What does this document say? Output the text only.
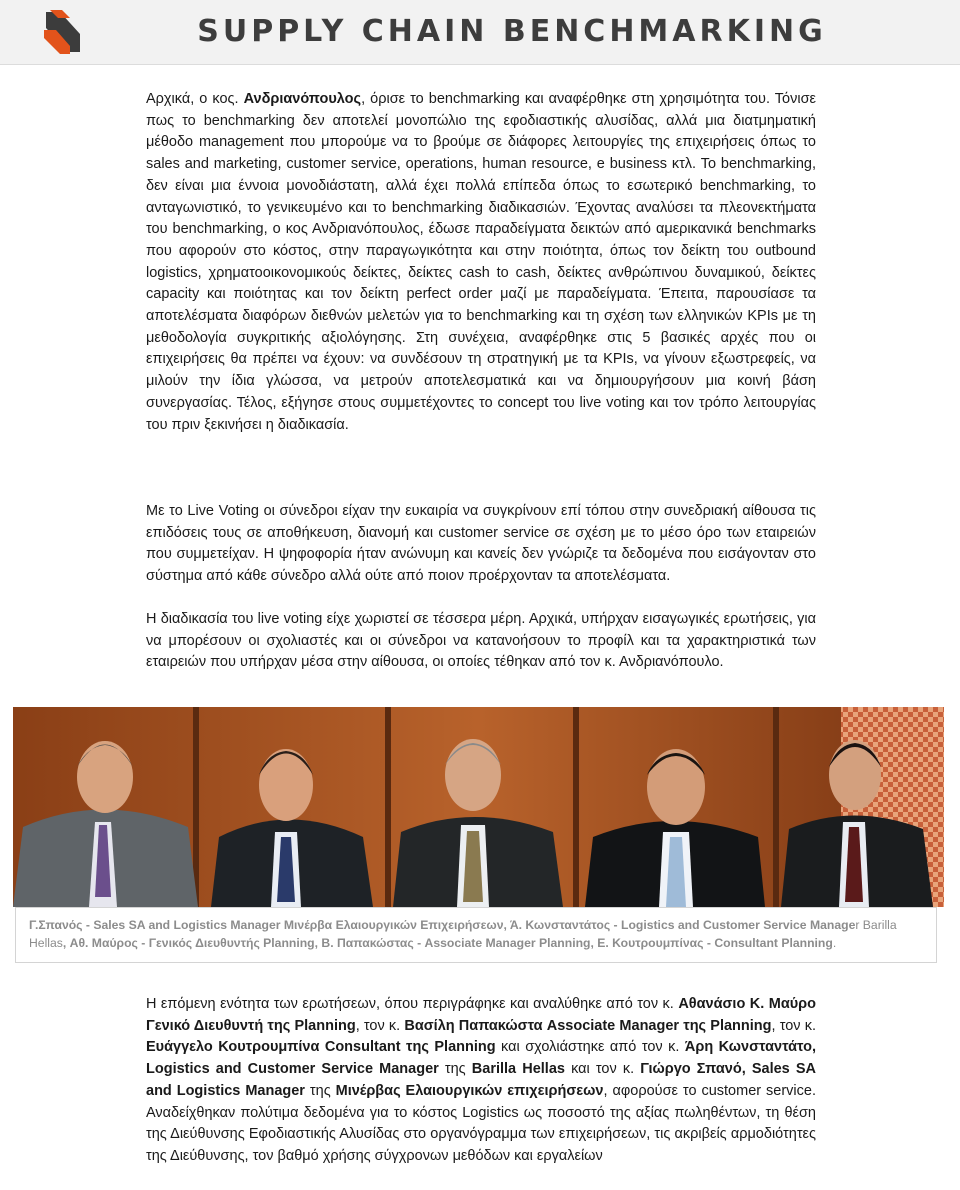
SUPPLY CHAIN BENCHMARKING

Αρχικά, ο κος. Ανδριανόπουλος, όρισε το benchmarking και αναφέρθηκε στη χρησιμότητα του. Τόνισε πως το benchmarking δεν αποτελεί μονοπώλιο της εφοδιαστικής αλυσίδας, αλλά μια διατμηματική μέθοδο management που μπορούμε να το βρούμε σε διάφορες λειτουργίες της επιχειρήσεις όπως το sales and marketing, customer service, operations, human resource, e business κτλ. Το benchmarking, δεν είναι μια έννοια μονοδιάστατη, αλλά έχει πολλά επίπεδα όπως το εσωτερικό benchmarking, το ανταγωνιστικό, το γενικευμένο και το benchmarking διαδικασιών. Έχοντας αναλύσει τα πλεονεκτήματα του benchmarking, ο κος Ανδριανόπουλος, έδωσε παραδείγματα δεικτών από αμερικανικά benchmarks που αφορούν στο κόστος, στην παραγωγικότητα και στην ποιότητα, όπως τον δείκτη του outbound logistics, χρηματοοικονομικούς δείκτες, δείκτες cash to cash, δείκτες ανθρώπινου δυναμικού, δείκτες capacity και ποιότητας και τον δείκτη perfect order μαζί με παραδείγματα. Έπειτα, παρουσίασε τα αποτελέσματα διαφόρων διεθνών μελετών για το benchmarking και τη σχέση των ελληνικών KPIs με τη μεθοδολογία συγκριτικής αξιολόγησης. Στη συνέχεια, αναφέρθηκε στις 5 βασικές αρχές που οι επιχειρήσεις θα πρέπει να έχουν: να συνδέσουν τη στρατηγική με τα KPIs, να γίνουν εξωστρεφείς, να μιλούν την ίδια γλώσσα, να μετρούν αποτελεσματικά και να δημιουργήσουν μια κοινή βάση συνεργασίας. Τέλος, εξήγησε στους συμμετέχοντες το concept του live voting και τον τρόπο λειτουργίας του πριν ξεκινήσει η διαδικασία.

Με το Live Voting οι σύνεδροι είχαν την ευκαιρία να συγκρίνουν επί τόπου στην συνεδριακή αίθουσα τις επιδόσεις τους σε αποθήκευση, διανομή και customer service σε σχέση με το μέσο όρο των εταιρειών που συμμετείχαν. Η ψηφοφορία ήταν ανώνυμη και κανείς δεν γνώριζε τα δεδομένα που εισάγονταν στο σύστημα από κάθε σύνεδρο αλλά ούτε από ποιον προέρχονταν τα αποτελέσματα.

Η διαδικασία του live voting είχε χωριστεί σε τέσσερα μέρη. Αρχικά, υπήρχαν εισαγωγικές ερωτήσεις, για να μπορέσουν οι σχολιαστές και οι σύνεδροι να κατανοήσουν το προφίλ και τα χαρακτηριστικά των εταιρειών που υπήρχαν μέσα στην αίθουσα, οι οποίες τέθηκαν από τον κ. Ανδριανόπουλο.

Γ.Σπανός - Sales SA and Logistics Manager Μινέρβα Ελαιουργικών Επιχειρήσεων, Ά. Κωνσταντάτος - Logistics and Customer Service Manager Barilla Hellas, Αθ. Μαύρος - Γενικός Διευθυντής Planning, Β. Παπακώστας - Associate Manager Planning, Ε. Κουτρουμπίνας - Consultant Planning.

Η επόμενη ενότητα των ερωτήσεων, όπου περιγράφηκε και αναλύθηκε από τον κ. Αθανάσιο Κ. Μαύρο Γενικό Διευθυντή της Planning, τον κ. Βασίλη Παπακώστα Associate Manager της Planning, τον κ. Ευάγγελο Κουτρουμπίνα Consultant της Planning και σχολιάστηκε από τον κ. Άρη Κωνσταντάτο, Logistics and Customer Service Manager της Barilla Hellas και τον κ. Γιώργο Σπανό, Sales SA and Logistics Manager της Μινέρβας Ελαιουργικών επιχειρήσεων, αφορούσε το customer service. Αναδείχθηκαν πολύτιμα δεδομένα για το κόστος Logistics ως ποσοστό της αξίας πωληθέντων, τη θέση της Διεύθυνσης Εφοδιαστικής Αλυσίδας στο οργανόγραμμα των επιχειρήσεων, τις ακριβείς αρμοδιότητες της Διεύθυνσης, τον βαθμό χρήσης σύγχρονων μεθόδων και εργαλείων
